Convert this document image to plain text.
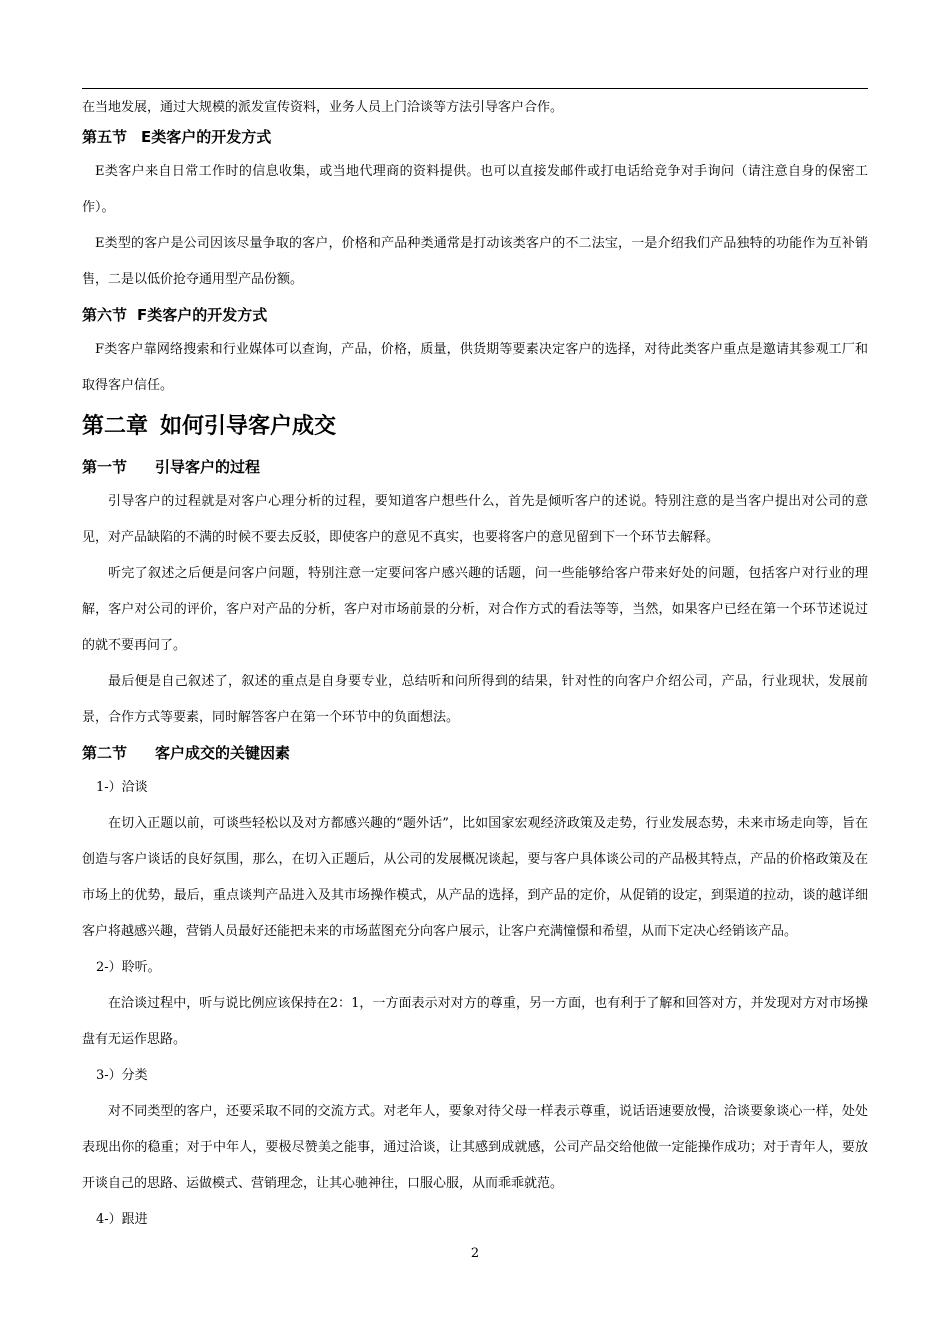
在当地发展，通过大规模的派发宣传资料，业务人员上门洽谈等方法引导客户合作。

第五节 E类客户的开发方式

E类客户来自日常工作时的信息收集，或当地代理商的资料提供。也可以直接发邮件或打电话给竞争对手询问（请注意自身的保密工作）。

E类型的客户是公司因该尽量争取的客户，价格和产品种类通常是打动该类客户的不二法宝，一是介绍我们产品独特的功能作为互补销售，二是以低价抢夺通用型产品份额。

第六节 F类客户的开发方式

F类客户靠网络搜索和行业媒体可以查询，产品，价格，质量，供货期等要素决定客户的选择，对待此类客户重点是邀请其参观工厂和取得客户信任。

第二章 如何引导客户成交
第一节 引导客户的过程

引导客户的过程就是对客户心理分析的过程，要知道客户想些什么，首先是倾听客户的述说。特别注意的是当客户提出对公司的意见，对产品缺陷的不满的时候不要去反驳，即使客户的意见不真实，也要将客户的意见留到下一个环节去解释。

听完了叙述之后便是问客户问题，特别注意一定要问客户感兴趣的话题，问一些能够给客户带来好处的问题，包括客户对行业的理解，客户对公司的评价，客户对产品的分析，客户对市场前景的分析，对合作方式的看法等等，当然，如果客户已经在第一个环节述说过的就不要再问了。

最后便是自己叙述了，叙述的重点是自身要专业，总结听和问所得到的结果，针对性的向客户介绍公司，产品，行业现状，发展前景，合作方式等要素，同时解答客户在第一个环节中的负面想法。

第二节 客户成交的关键因素

1-）洽谈

在切入正题以前，可谈些轻松以及对方都感兴趣的“题外话”，比如国家宏观经济政策及走势，行业发展态势，未来市场走向等，旨在创造与客户谈话的良好氛围，那么，在切入正题后，从公司的发展概况谈起，要与客户具体谈公司的产品极其特点，产品的价格政策及在市场上的优势，最后，重点谈判产品进入及其市场操作模式，从产品的选择，到产品的定价，从促销的设定，到渠道的拉动，谈的越详细客户将越感兴趣，营销人员最好还能把未来的市场蓝图充分向客户展示，让客户充满憧憬和希望，从而下定决心经销该产品。

2-）聆听。

在洽谈过程中，听与说比例应该保持在2：1，一方面表示对对方的尊重，另一方面，也有利于了解和回答对方，并发现对方对市场操盘有无运作思路。

3-）分类

对不同类型的客户，还要采取不同的交流方式。对老年人，要象对待父母一样表示尊重，说话语速要放慢，洽谈要象谈心一样，处处表现出你的稳重；对于中年人，要极尽赞美之能事，通过洽谈，让其感到成就感，公司产品交给他做一定能操作成功；对于青年人，要放开谈自己的思路、运做模式、营销理念，让其心驰神往，口服心服，从而乖乖就范。

4-）跟进

2
